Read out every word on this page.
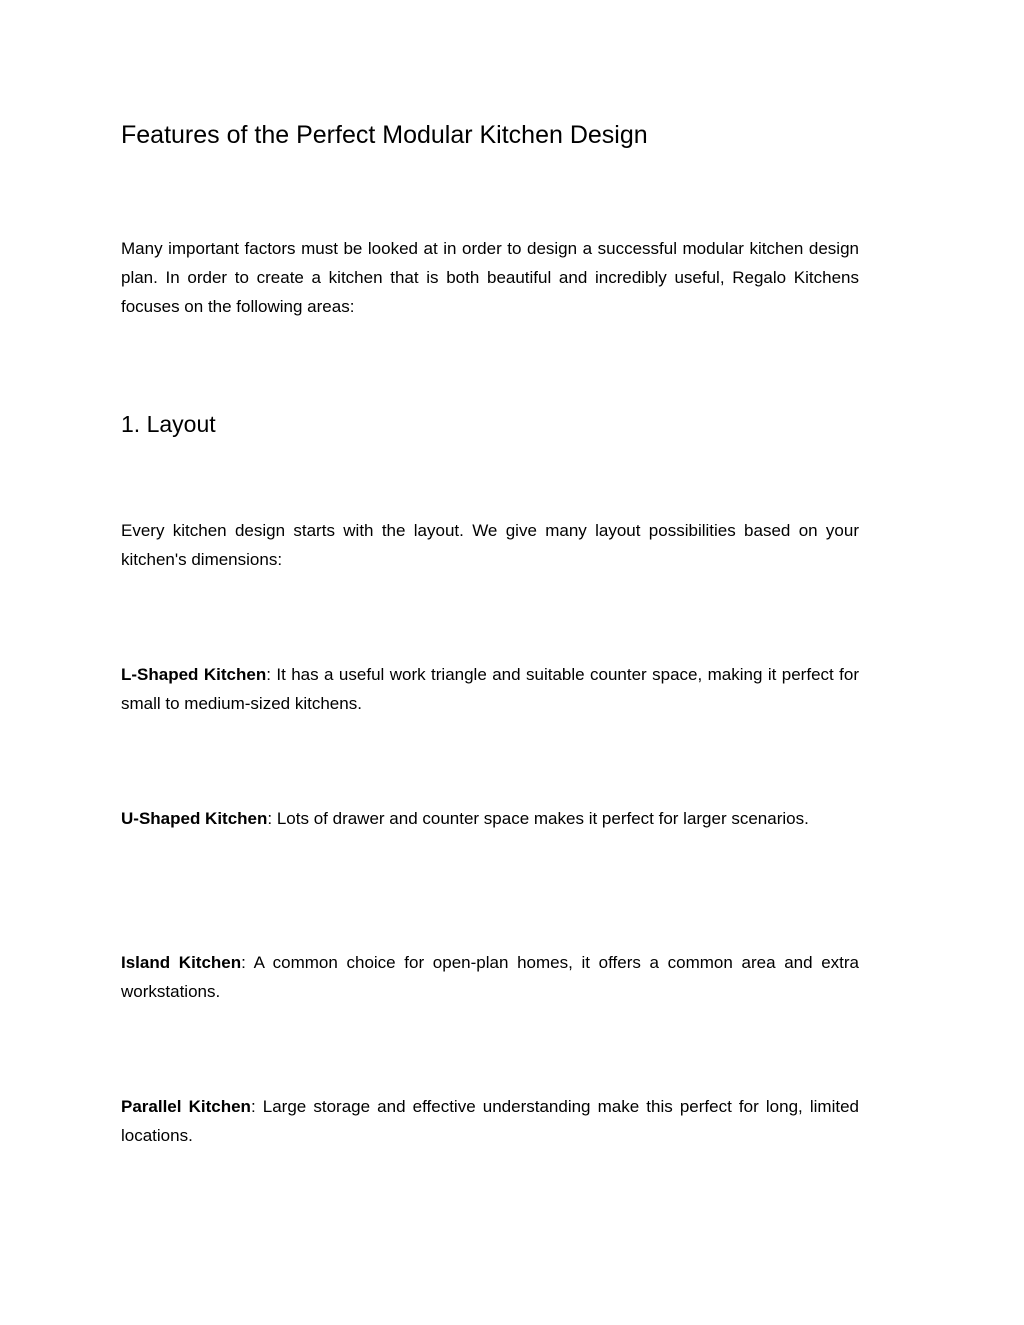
Features of the Perfect Modular Kitchen Design

Many important factors must be looked at in order to design a successful modular kitchen design plan. In order to create a kitchen that is both beautiful and incredibly useful, Regalo Kitchens focuses on the following areas:

1. Layout

Every kitchen design starts with the layout. We give many layout possibilities based on your kitchen's dimensions:

L-Shaped Kitchen: It has a useful work triangle and suitable counter space, making it perfect for small to medium-sized kitchens.

U-Shaped Kitchen: Lots of drawer and counter space makes it perfect for larger scenarios.

Island Kitchen: A common choice for open-plan homes, it offers a common area and extra workstations.

Parallel Kitchen: Large storage and effective understanding make this perfect for long, limited locations.
